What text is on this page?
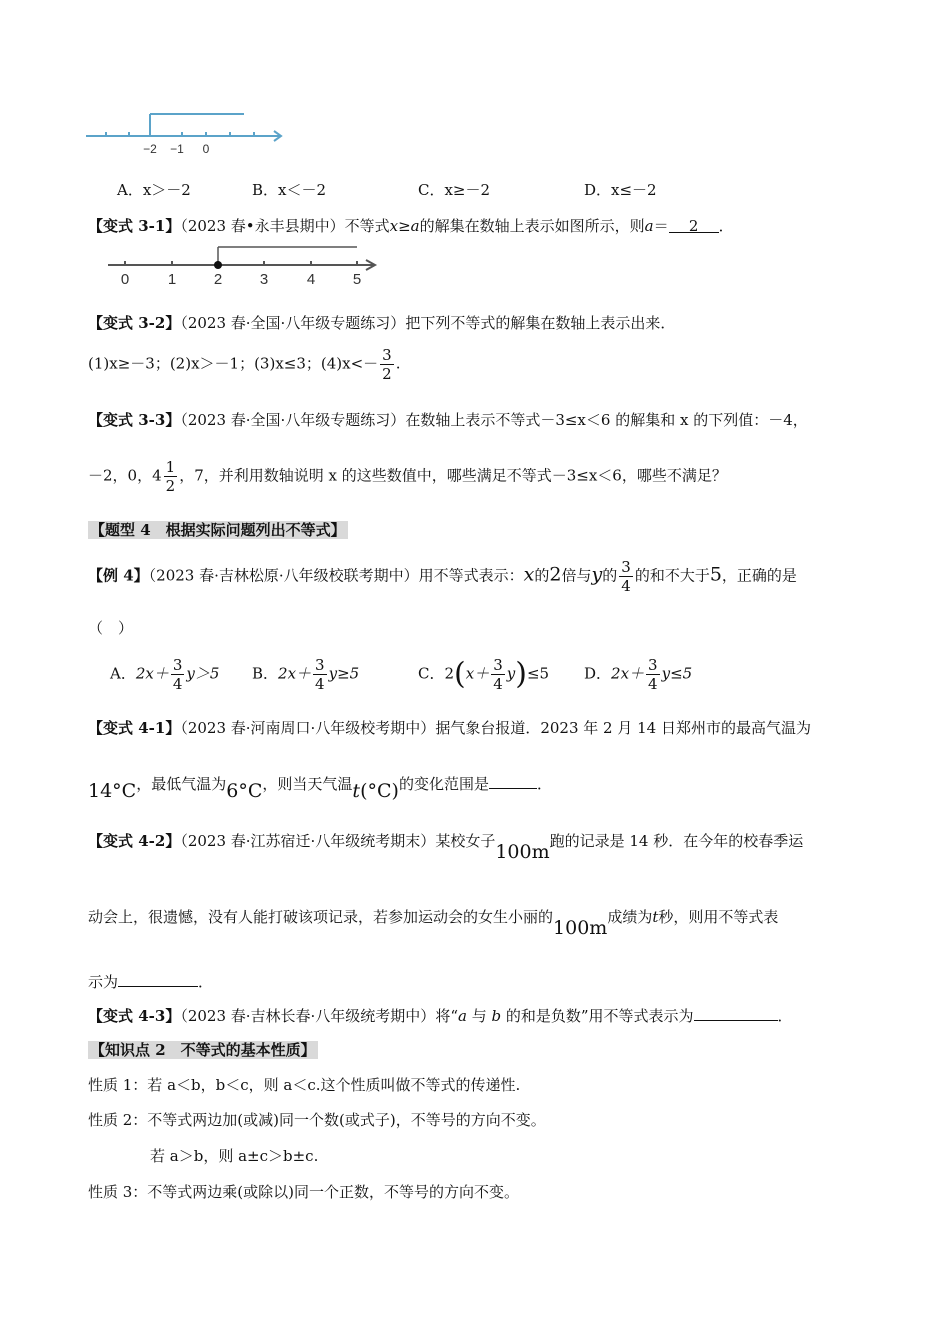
−2 −1 0
A．x＞－2	B．x＜－2	C．x≥－2	D．x≤－2
【变式 3-1】（2023 春•永丰县期中）不等式x≥a的解集在数轴上表示如图所示，则a＝ 2 ．
0	1	2	3	4	5
【变式 3-2】（2023 春·全国·八年级专题练习）把下列不等式的解集在数轴上表示出来．
(1)x≥－3；(2)x＞－1；(3)x≤3；$(4)x<- \frac{3}{2}$ .
【变式 3-3】（2023 春·全国·八年级专题练习）在数轴上表示不等式－3≤x＜6 的解集和 x 的下列值：－4，
－2，0，$4 \frac{1}{2}$ ，7，并利用数轴说明 x 的这些数值中，哪些满足不等式－3≤x＜6，哪些不满足？
【题型 4　根据实际问题列出不等式】
【例 4】（2023 春·吉林松原·八年级校联考期中）用不等式表示：x的2倍与y的 $\frac{3}{4}$ 的和不大于5，正确的是
（　）
A．$2x+ \frac{3}{4} y>5$ B．$2x+ \frac{3}{4} y\ge 5$	C．$2(x+ \frac{3}{4} y)\le 5$ D．$2x+ \frac{3}{4} y\le 5$
【变式 4-1】（2023 春·河南周口·八年级校考期中）据气象台报道．2023 年 2 月 14 日郑州市的最高气温为
14°C，最低气温为6°C，则当天气温t(°C)的变化范围是	．
【变式 4-2】（2023 春·江苏宿迁·八年级统考期末）某校女子100m跑的记录是 14 秒．在今年的校春季运
动会上，很遗憾，没有人能打破该项记录，若参加运动会的女生小丽的100m成绩为t秒，则用不等式表
示为	．
【变式 4-3】（2023 春·吉林长春·八年级统考期中）将“a 与 b 的和是负数”用不等式表示为	．
【知识点 2　不等式的基本性质】
性质 1：若 a＜b，b＜c，则 a＜c.这个性质叫做不等式的传递性.
性质 2：不等式两边加(或减)同一个数(或式子)，不等号的方向不变。
若 a＞b，则 a±c＞b±c.
性质 3：不等式两边乘(或除以)同一个正数，不等号的方向不变。
